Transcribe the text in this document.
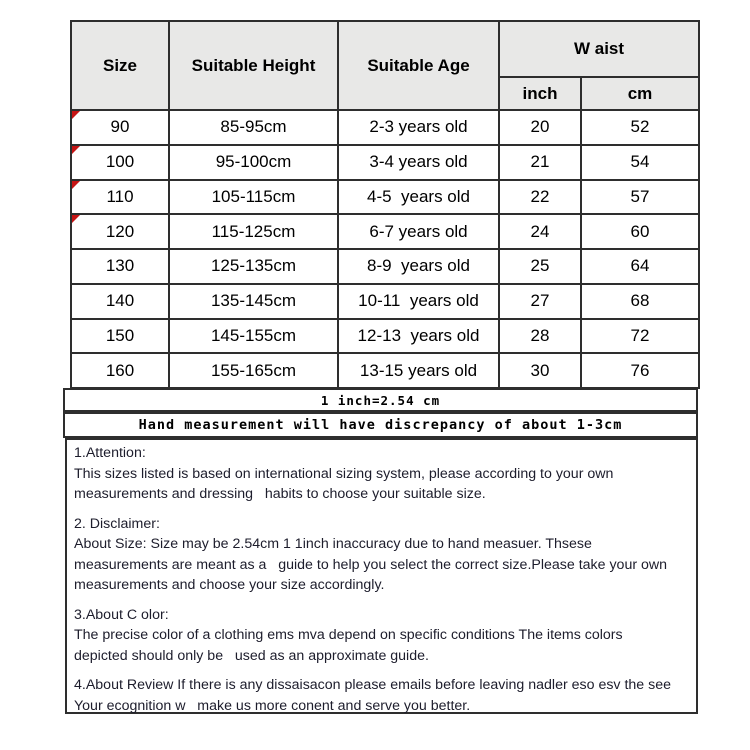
Size	Suitable Height	Suitable Age	W aist	
			inch	cm

90	85-95cm	2-3 years old	20	52

100	95-100cm	3-4 years old	21	54

110	105-115cm	4-5  years old	22	57

120	115-125cm	6-7 years old	24	60
130	125-135cm	8-9  years old	25	64
140	135-145cm	10-11  years old	27	68
150	145-155cm	12-13  years old	28	72
160	155-165cm	13-15 years old	30	76
1 inch=2.54 cm
Hand measurement will have discrepancy of about 1-3cm
1.Attention:
This sizes listed is based on international sizing system, please according to your own
measurements and dressing   habits to choose your suitable size.
2. Disclaimer:
About Size: Size may be 2.54cm 1 1inch inaccuracy due to hand measuer. Thsese
measurements are meant as a   guide to help you select the correct size.Please take your own
measurements and choose your size accordingly.
3.About C olor:
The precise color of a clothing ems mva depend on specific conditions The items colors
depicted should only be   used as an approximate guide.
4.About Review If there is any dissaisacon please emails before leaving nadler eso esv the see
Your ecognition w   make us more conent and serve you better.
